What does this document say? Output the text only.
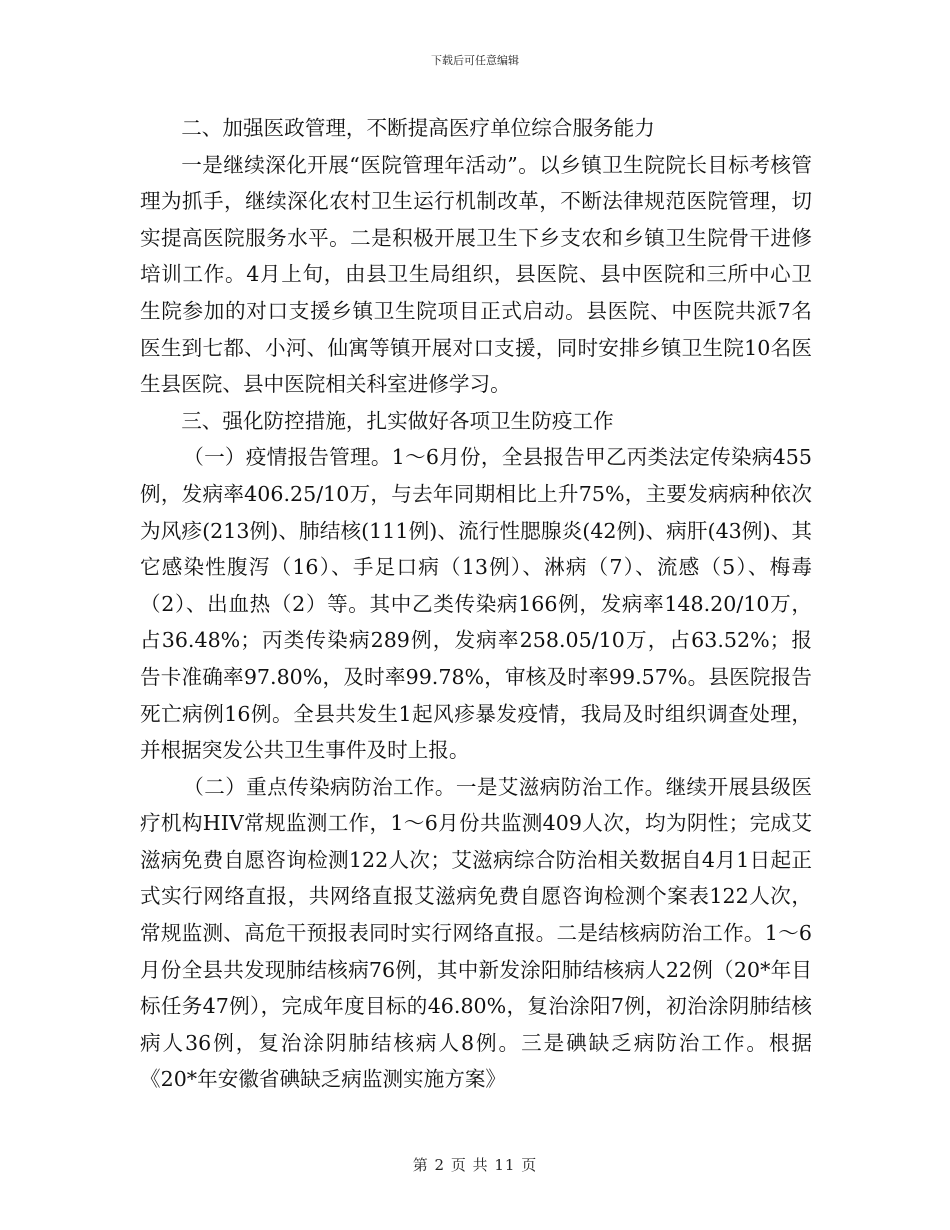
下载后可任意编辑

二、加强医政管理，不断提高医疗单位综合服务能力

一是继续深化开展“医院管理年活动”。以乡镇卫生院院长目标考核管理为抓手，继续深化农村卫生运行机制改革，不断法律规范医院管理，切实提高医院服务水平。二是积极开展卫生下乡支农和乡镇卫生院骨干进修培训工作。4月上旬，由县卫生局组织，县医院、县中医院和三所中心卫生院参加的对口支援乡镇卫生院项目正式启动。县医院、中医院共派7名医生到七都、小河、仙寓等镇开展对口支援，同时安排乡镇卫生院10名医生县医院、县中医院相关科室进修学习。

三、强化防控措施，扎实做好各项卫生防疫工作

（一）疫情报告管理。1～6月份，全县报告甲乙丙类法定传染病455例，发病率406.25/10万，与去年同期相比上升75%，主要发病病种依次为风疹(213例)、肺结核(111例)、流行性腮腺炎(42例)、病肝(43例)、其它感染性腹泻（16）、手足口病（13例）、淋病（7）、流感（5）、梅毒（2）、出血热（2）等。其中乙类传染病166例，发病率148.20/10万，占36.48%；丙类传染病289例，发病率258.05/10万，占63.52%；报告卡准确率97.80%，及时率99.78%，审核及时率99.57%。县医院报告死亡病例16例。全县共发生1起风疹暴发疫情，我局及时组织调查处理，并根据突发公共卫生事件及时上报。

（二）重点传染病防治工作。一是艾滋病防治工作。继续开展县级医疗机构HIV常规监测工作，1～6月份共监测409人次，均为阴性；完成艾滋病免费自愿咨询检测122人次；艾滋病综合防治相关数据自4月1日起正式实行网络直报，共网络直报艾滋病免费自愿咨询检测个案表122人次，常规监测、高危干预报表同时实行网络直报。二是结核病防治工作。1～6月份全县共发现肺结核病76例，其中新发涂阳肺结核病人22例（20*年目标任务47例），完成年度目标的46.80%，复治涂阳7例，初治涂阴肺结核病人36例，复治涂阴肺结核病人8例。三是碘缺乏病防治工作。根据《20*年安徽省碘缺乏病监测实施方案》

第 2 页 共 11 页
